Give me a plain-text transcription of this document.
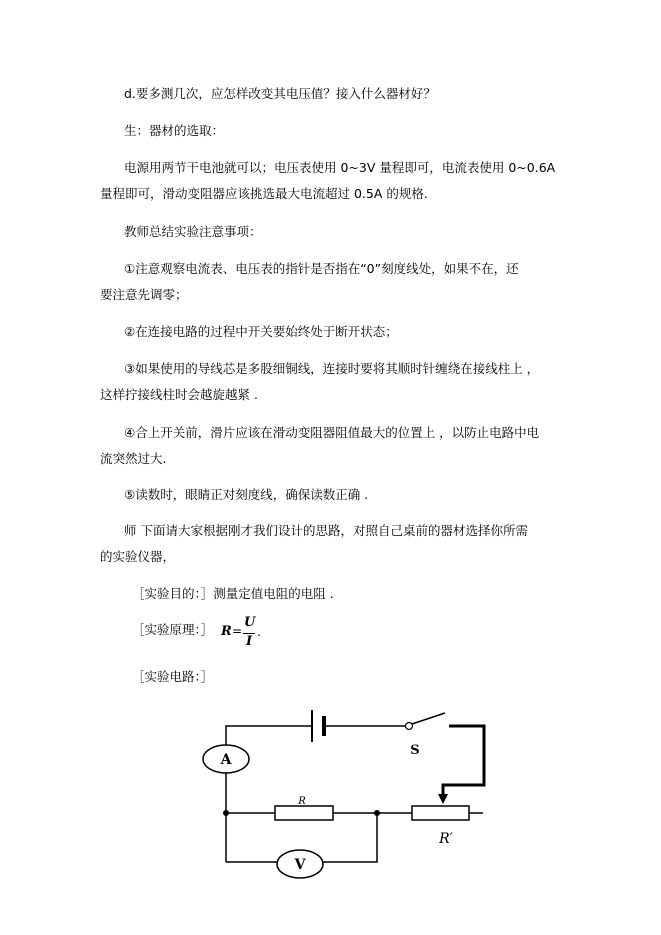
d.要多测几次，应怎样改变其电压值？接入什么器材好？
生：器材的选取：
电源用两节干电池就可以；电压表使用 0~3V 量程即可，电流表使用 0~0.6A
量程即可，滑动变阻器应该挑选最大电流超过 0.5A 的规格.
教师总结实验注意事项：
①注意观察电流表、电压表的指针是否指在“0”刻度线处，如果不在，还
要注意先调零；
②在连接电路的过程中开关要始终处于断开状态；
③如果使用的导线芯是多股细铜线，连接时要将其顺时针缠绕在接线柱上 ，
这样拧接线柱时会越旋越紧 .
④合上开关前，滑片应该在滑动变阻器阻值最大的位置上 ，以防止电路中电
流突然过大.
⑤读数时，眼睛正对刻度线，确保读数正确 .
师 下面请大家根据刚才我们设计的思路，对照自己桌前的器材选择你所需
的实验仪器，
［实验目的：］测量定值电阻的电阻 .
［实验原理：］ R =
U
I
.
［实验电路：］
A
V
R
R′
S
